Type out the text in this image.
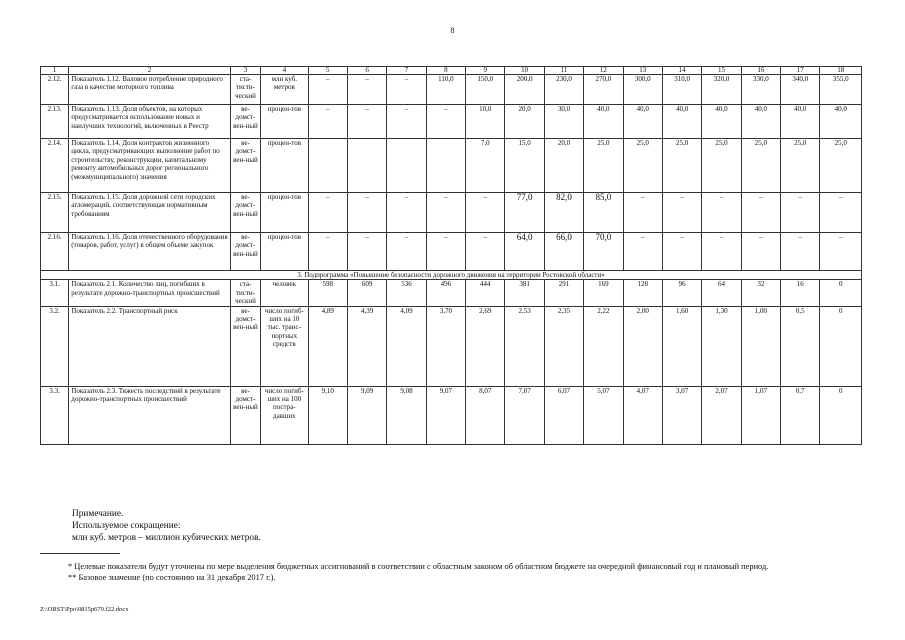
8
1	2	3	4	5	6	7	8	9	10	11	12	13	14	15	16	17	18
2.12.	Показатель 1.12. Валовое потребление природного газа в качестве моторного топлива	ста-тисти-ческий	млн куб. метров	–	–	–	110,0	150,0	200,0	230,0	270,0	300,0	310,0	320,0	330,0	340,0	355,0
2.13.	Показатель 1.13. Доля объектов, на которых предусматривается использование новых и наилучших технологий, включенных в Реестр	ве-домст-вен-ный	процен-тов	–	–	–	–	10,0	20,0	30,0	40,0	40,0	40,0	40,0	40,0	40,0	40,0
2.14.	Показатель 1.14. Доля контрактов жизненного цикла, предусматривающих выполнение работ по строительству, реконструкции, капитальному ремонту автомобильных дорог регионального (межмуниципального) значения	ве-домст-вен-ный	процен-тов					7,0	15,0	20,0	25,0	25,0	25,0	25,0	25,0	25,0	25,0
2.15.	Показатель 1.15. Доля дорожной сети городских агломераций, соответствующая нормативным требованиям	ве-домст-вен-ный	процен-тов	–	–	–	–	–	77,0	82,0	85,0	–	–	–	–	–	–
2.16.	Показатель 1.16. Доля отечественного оборудования (товаров, работ, услуг) в общем объеме закупок	ве-домст-вен-ный	процен-тов	–	–	–	–	–	64,0	66,0	70,0	–	–	–	–	–	–
3. Подпрограмма «Повышение безопасности дорожного движения на территории Ростовской области»																	
3.1.	Показатель 2.1. Количество лиц, погибших в результате дорожно-транспортных происшествий	ста-тисти-ческий	человек	598	609	536	496	444	381	291	169	128	96	64	32	16	0
3.2.	Показатель 2.2. Транспортный риск	ве-домст-вен-ный	число погиб-ших на 10 тыс. транс-портных средств	4,89	4,39	4,09	3,70	2,69	2,53	2,35	2,22	2,00	1,60	1,30	1,00	0,5	0
3.3.	Показатель 2.3. Тяжесть последствий в результате дорожно-транспортных происшествий	ве-домст-вен-ный	число погиб-ших на 100 постра-давших	9,10	9,09	9,08	9,07	8,07	7,07	6,07	5,07	4,07	3,07	2,07	1,07	0,7	0
Примечание.
Используемое сокращение:
млн куб. метров – миллион кубических метров.

* Целевые показатели будут уточнены по мере выделения бюджетных ассигнований в соответствии с областным законом об областном бюджете на очередной финансовый год и плановый период.

** Базовое значение (по состоянию на 31 декабря 2017 г.).

Z:\ORST\Ppo\0815p679.f22.docx
